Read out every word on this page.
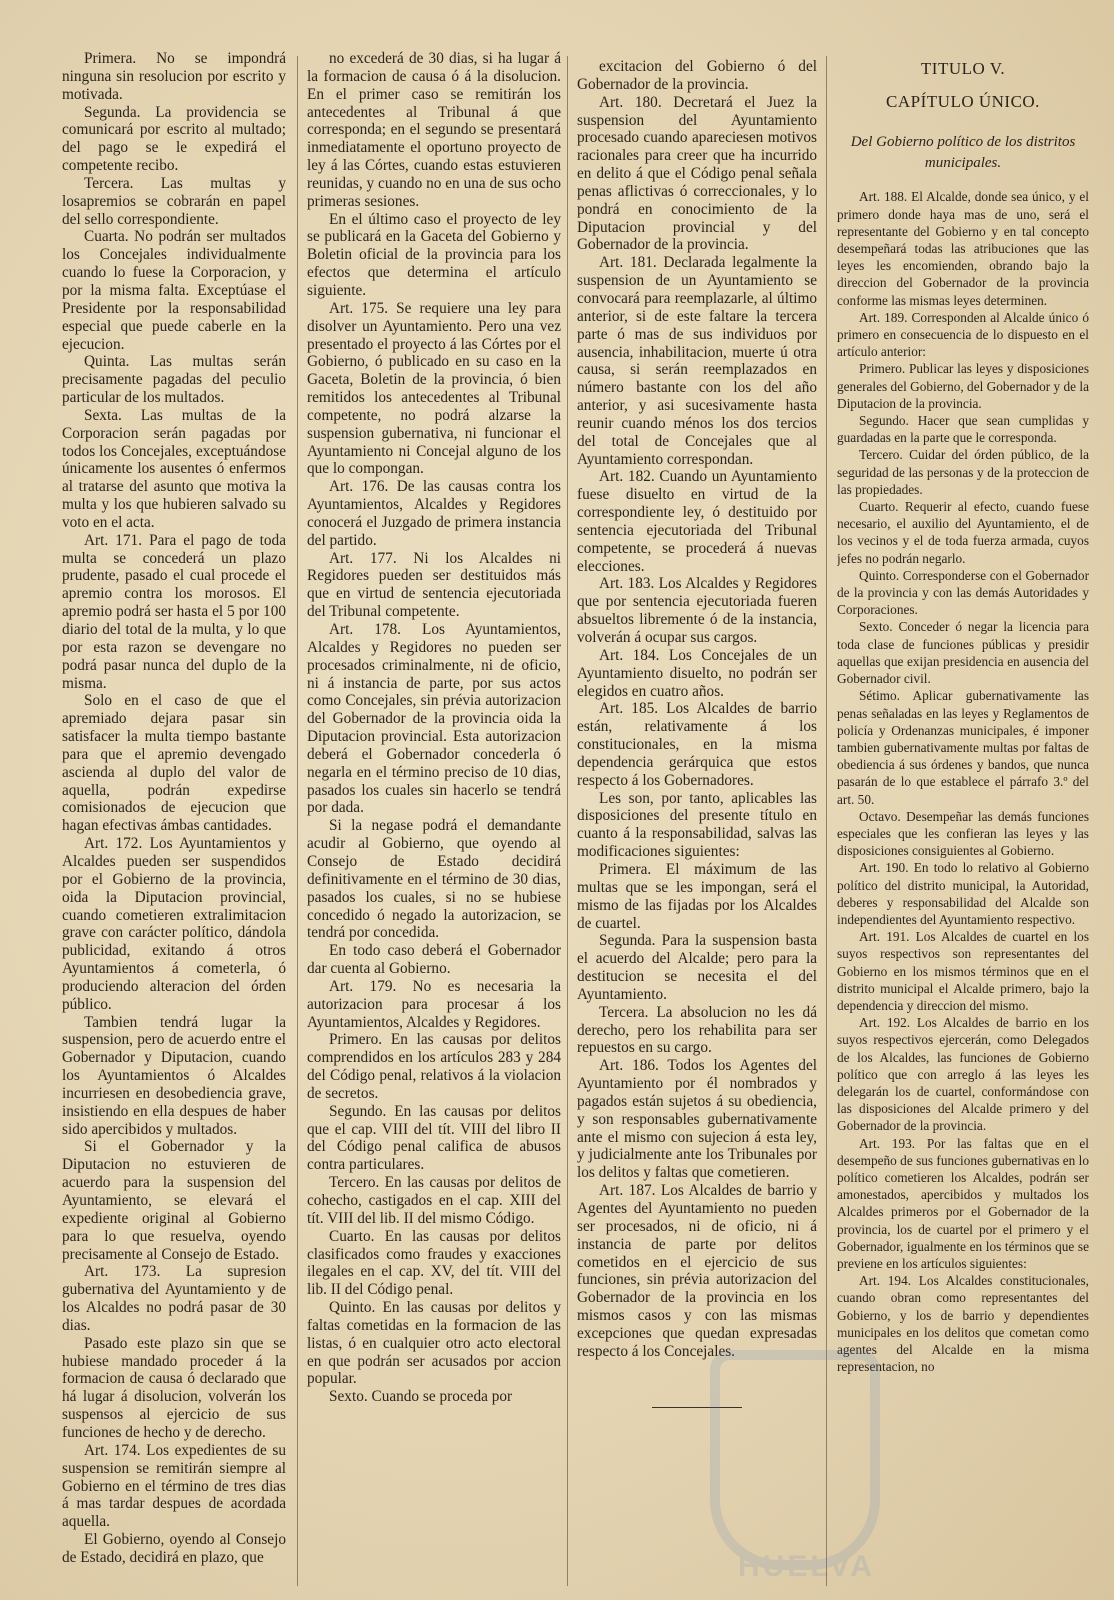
Primera. No se impondrá ninguna sin resolucion por escrito y motivada.

Segunda. La providencia se comunicará por escrito al multado; del pago se le expedirá el competente recibo.

Tercera. Las multas y losapremios se cobrarán en papel del sello correspondiente.

Cuarta. No podrán ser multados los Concejales individualmente cuando lo fuese la Corporacion, y por la misma falta. Exceptúase el Presidente por la responsabilidad especial que puede caberle en la ejecucion.

Quinta. Las multas serán precisamente pagadas del peculio particular de los multados.

Sexta. Las multas de la Corporacion serán pagadas por todos los Concejales, exceptuándose únicamente los ausentes ó enfermos al tratarse del asunto que motiva la multa y los que hubieren salvado su voto en el acta.

Art. 171. Para el pago de toda multa se concederá un plazo prudente, pasado el cual procede el apremio contra los morosos. El apremio podrá ser hasta el 5 por 100 diario del total de la multa, y lo que por esta razon se devengare no podrá pasar nunca del duplo de la misma.

Solo en el caso de que el apremiado dejara pasar sin satisfacer la multa tiempo bastante para que el apremio devengado ascienda al duplo del valor de aquella, podrán expedirse comisionados de ejecucion que hagan efectivas ámbas cantidades.

Art. 172. Los Ayuntamientos y Alcaldes pueden ser suspendidos por el Gobierno de la provincia, oida la Diputacion provincial, cuando cometieren extralimitacion grave con carácter político, dándola publicidad, exitando á otros Ayuntamientos á cometerla, ó produciendo alteracion del órden público.

Tambien tendrá lugar la suspension, pero de acuerdo entre el Gobernador y Diputacion, cuando los Ayuntamientos ó Alcaldes incurriesen en desobediencia grave, insistiendo en ella despues de haber sido apercibidos y multados.

Si el Gobernador y la Diputacion no estuvieren de acuerdo para la suspension del Ayuntamiento, se elevará el expediente original al Gobierno para lo que resuelva, oyendo precisamente al Consejo de Estado.

Art. 173. La supresion gubernativa del Ayuntamiento y de los Alcaldes no podrá pasar de 30 dias.

Pasado este plazo sin que se hubiese mandado proceder á la formacion de causa ó declarado que há lugar á disolucion, volverán los suspensos al ejercicio de sus funciones de hecho y de derecho.

Art. 174. Los expedientes de su suspension se remitirán siempre al Gobierno en el término de tres dias á mas tardar despues de acordada aquella.

El Gobierno, oyendo al Consejo de Estado, decidirá en plazo, que

no excederá de 30 dias, si ha lugar á la formacion de causa ó á la disolucion. En el primer caso se remitirán los antecedentes al Tribunal á que corresponda; en el segundo se presentará inmediatamente el oportuno proyecto de ley á las Córtes, cuando estas estuvieren reunidas, y cuando no en una de sus ocho primeras sesiones.

En el último caso el proyecto de ley se publicará en la Gaceta del Gobierno y Boletin oficial de la provincia para los efectos que determina el artículo siguiente.

Art. 175. Se requiere una ley para disolver un Ayuntamiento. Pero una vez presentado el proyecto á las Córtes por el Gobierno, ó publicado en su caso en la Gaceta, Boletin de la provincia, ó bien remitidos los antecedentes al Tribunal competente, no podrá alzarse la suspension gubernativa, ni funcionar el Ayuntamiento ni Concejal alguno de los que lo compongan.

Art. 176. De las causas contra los Ayuntamientos, Alcaldes y Regidores conocerá el Juzgado de primera instancia del partido.

Art. 177. Ni los Alcaldes ni Regidores pueden ser destituidos más que en virtud de sentencia ejecutoriada del Tribunal competente.

Art. 178. Los Ayuntamientos, Alcaldes y Regidores no pueden ser procesados criminalmente, ni de oficio, ni á instancia de parte, por sus actos como Concejales, sin prévia autorizacion del Gobernador de la provincia oida la Diputacion provincial. Esta autorizacion deberá el Gobernador concederla ó negarla en el término preciso de 10 dias, pasados los cuales sin hacerlo se tendrá por dada.

Si la negase podrá el demandante acudir al Gobierno, que oyendo al Consejo de Estado decidirá definitivamente en el término de 30 dias, pasados los cuales, si no se hubiese concedido ó negado la autorizacion, se tendrá por concedida.

En todo caso deberá el Gobernador dar cuenta al Gobierno.

Art. 179. No es necesaria la autorizacion para procesar á los Ayuntamientos, Alcaldes y Regidores.

Primero. En las causas por delitos comprendidos en los artículos 283 y 284 del Código penal, relativos á la violacion de secretos.

Segundo. En las causas por delitos que el cap. VIII del tít. VIII del libro II del Código penal califica de abusos contra particulares.

Tercero. En las causas por delitos de cohecho, castigados en el cap. XIII del tít. VIII del lib. II del mismo Código.

Cuarto. En las causas por delitos clasificados como fraudes y exacciones ilegales en el cap. XV, del tít. VIII del lib. II del Código penal.

Quinto. En las causas por delitos y faltas cometidas en la formacion de las listas, ó en cualquier otro acto electoral en que podrán ser acusados por accion popular.

Sexto. Cuando se proceda por

excitacion del Gobierno ó del Gobernador de la provincia.

Art. 180. Decretará el Juez la suspension del Ayuntamiento procesado cuando apareciesen motivos racionales para creer que ha incurrido en delito á que el Código penal señala penas aflictivas ó correccionales, y lo pondrá en conocimiento de la Diputacion provincial y del Gobernador de la provincia.

Art. 181. Declarada legalmente la suspension de un Ayuntamiento se convocará para reemplazarle, al último anterior, si de este faltare la tercera parte ó mas de sus individuos por ausencia, inhabilitacion, muerte ú otra causa, si serán reemplazados en número bastante con los del año anterior, y asi sucesivamente hasta reunir cuando ménos los dos tercios del total de Concejales que al Ayuntamiento correspondan.

Art. 182. Cuando un Ayuntamiento fuese disuelto en virtud de la correspondiente ley, ó destituido por sentencia ejecutoriada del Tribunal competente, se procederá á nuevas elecciones.

Art. 183. Los Alcaldes y Regidores que por sentencia ejecutoriada fueren absueltos libremente ó de la instancia, volverán á ocupar sus cargos.

Art. 184. Los Concejales de un Ayuntamiento disuelto, no podrán ser elegidos en cuatro años.

Art. 185. Los Alcaldes de barrio están, relativamente á los constitucionales, en la misma dependencia gerárquica que estos respecto á los Gobernadores.

Les son, por tanto, aplicables las disposiciones del presente título en cuanto á la responsabilidad, salvas las modificaciones siguientes:

Primera. El máximum de las multas que se les impongan, será el mismo de las fijadas por los Alcaldes de cuartel.

Segunda. Para la suspension basta el acuerdo del Alcalde; pero para la destitucion se necesita el del Ayuntamiento.

Tercera. La absolucion no les dá derecho, pero los rehabilita para ser repuestos en su cargo.

Art. 186. Todos los Agentes del Ayuntamiento por él nombrados y pagados están sujetos á su obediencia, y son responsables gubernativamente ante el mismo con sujecion á esta ley, y judicialmente ante los Tribunales por los delitos y faltas que cometieren.

Art. 187. Los Alcaldes de barrio y Agentes del Ayuntamiento no pueden ser procesados, ni de oficio, ni á instancia de parte por delitos cometidos en el ejercicio de sus funciones, sin prévia autorizacion del Gobernador de la provincia en los mismos casos y con las mismas excepciones que quedan expresadas respecto á los Concejales.

TITULO V.

CAPÍTULO ÚNICO.

Del Gobierno político de los distritos municipales.

Art. 188. El Alcalde, donde sea único, y el primero donde haya mas de uno, será el representante del Gobierno y en tal concepto desempeñará todas las atribuciones que las leyes les encomienden, obrando bajo la direccion del Gobernador de la provincia conforme las mismas leyes determinen.

Art. 189. Corresponden al Alcalde único ó primero en consecuencia de lo dispuesto en el artículo anterior:

Primero. Publicar las leyes y disposiciones generales del Gobierno, del Gobernador y de la Diputacion de la provincia.

Segundo. Hacer que sean cumplidas y guardadas en la parte que le corresponda.

Tercero. Cuidar del órden público, de la seguridad de las personas y de la proteccion de las propiedades.

Cuarto. Requerir al efecto, cuando fuese necesario, el auxilio del Ayuntamiento, el de los vecinos y el de toda fuerza armada, cuyos jefes no podrán negarlo.

Quinto. Corresponderse con el Gobernador de la provincia y con las demás Autoridades y Corporaciones.

Sexto. Conceder ó negar la licencia para toda clase de funciones públicas y presidir aquellas que exijan presidencia en ausencia del Gobernador civil.

Sétimo. Aplicar gubernativamente las penas señaladas en las leyes y Reglamentos de policía y Ordenanzas municipales, é imponer tambien gubernativamente multas por faltas de obediencia á sus órdenes y bandos, que nunca pasarán de lo que establece el párrafo 3.º del art. 50.

Octavo. Desempeñar las demás funciones especiales que les confieran las leyes y las disposiciones consiguientes al Gobierno.

Art. 190. En todo lo relativo al Gobierno político del distrito municipal, la Autoridad, deberes y responsabilidad del Alcalde son independientes del Ayuntamiento respectivo.

Art. 191. Los Alcaldes de cuartel en los suyos respectivos son representantes del Gobierno en los mismos términos que en el distrito municipal el Alcalde primero, bajo la dependencia y direccion del mismo.

Art. 192. Los Alcaldes de barrio en los suyos respectivos ejercerán, como Delegados de los Alcaldes, las funciones de Gobierno político que con arreglo á las leyes les delegarán los de cuartel, conformándose con las disposiciones del Alcalde primero y del Gobernador de la provincia.

Art. 193. Por las faltas que en el desempeño de sus funciones gubernativas en lo político cometieren los Alcaldes, podrán ser amonestados, apercibidos y multados los Alcaldes primeros por el Gobernador de la provincia, los de cuartel por el primero y el Gobernador, igualmente en los términos que se previene en los artículos siguientes:

Art. 194. Los Alcaldes constitucionales, cuando obran como representantes del Gobierno, y los de barrio y dependientes municipales en los delitos que cometan como agentes del Alcalde en la misma representacion, no

HUELVA
